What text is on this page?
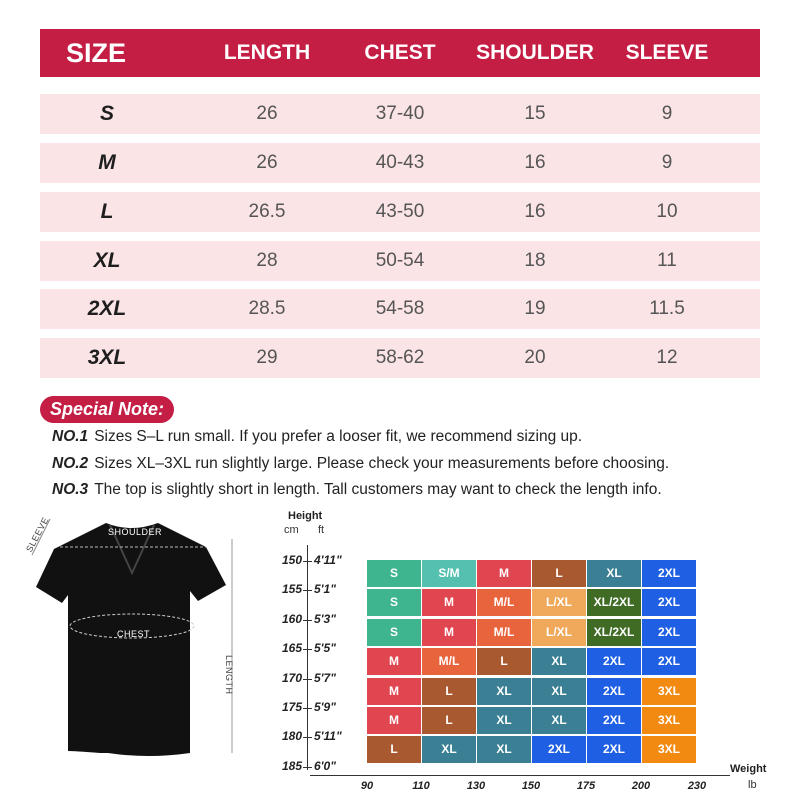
SIZE	LENGTH	CHEST	SHOULDER	SLEEVE
S	26	37-40	15	9
M	26	40-43	16	9
L	26.5	43-50	16	10
XL	28	50-54	18	11
2XL	28.5	54-58	19	11.5
3XL	29	58-62	20	12
Special Note:
NO.1 Sizes S–L run small. If you prefer a looser fit, we recommend sizing up.
NO.2 Sizes XL–3XL run slightly large. Please check your measurements before choosing.
NO.3 The top is slightly short in length. Tall customers may want to check the length info.
SHOULDER
CHEST
SLEEVE
LENGTH
Height
cm ft
150 4'11"
155 5'1"
160 5'3"
165 5'5"
170 5'7"
175 5'9"
180 5'11"
185 6'0"
S	S/M	M	L	XL	2XL
S	M	M/L	L/XL	XL/2XL	2XL
S	M	M/L	L/XL	XL/2XL	2XL
M	M/L	L	XL	2XL	2XL
M	L	XL	XL	2XL	3XL
M	L	XL	XL	2XL	3XL
L	XL	XL	2XL	2XL	3XL
90	110	130	150	175	200	230
Weight
lb
